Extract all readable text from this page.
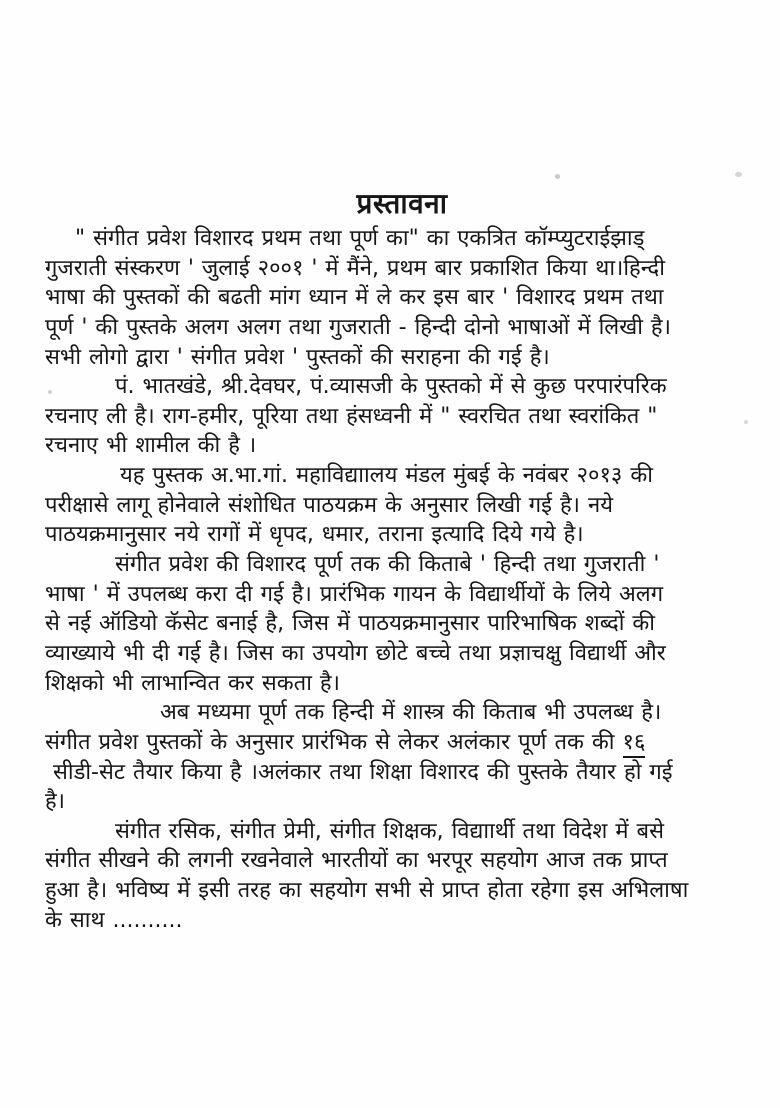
प्रस्तावना
" संगीत प्रवेश विशारद प्रथम तथा पूर्ण का" का एकत्रित कॉम्प्युटराईझाड्
गुजराती संस्करण ' जुलाई २००१ ' में मैंने, प्रथम बार प्रकाशित किया था।हिन्दी
भाषा की पुस्तकों की बढती मांग ध्यान में ले कर इस बार ' विशारद प्रथम तथा
पूर्ण ' की पुस्तके अलग अलग तथा गुजराती - हिन्दी दोनो भाषाओं में लिखी है।
सभी लोगो द्वारा ' संगीत प्रवेश ' पुस्तकों की सराहना की गई है।
पं. भातखंडे, श्री.देवघर, पं.व्यासजी के पुस्तको में से कुछ परपारंपरिक
रचनाए ली है। राग-हमीर, पूरिया तथा हंसध्वनी में " स्वरचित तथा स्वरांकित "
रचनाए भी शामील की है ।
यह पुस्तक अ.भा.गां. महाविद्याालय मंडल मुंबई के नवंबर २०१३ की
परीक्षासे लागू होनेवाले संशोधित पाठयक्रम के अनुसार लिखी गई है। नये
पाठयक्रमानुसार नये रागों में धृपद, धमार, तराना इत्यादि दिये गये है।
संगीत प्रवेश की विशारद पूर्ण तक की किताबे ' हिन्दी तथा गुजराती '
भाषा ' में उपलब्ध करा दी गई है। प्रारंभिक गायन के विद्यार्थीयों के लिये अलग
से नई ऑडियो कॅसेट बनाई है, जिस में पाठयक्रमानुसार पारिभाषिक शब्दों की
व्याख्याये भी दी गई है। जिस का उपयोग छोटे बच्चे तथा प्रज्ञाचक्षु विद्यार्थी और
शिक्षको भी लाभान्वित कर सकता है।
अब मध्यमा पूर्ण तक हिन्दी में शास्त्र की किताब भी उपलब्ध है।
संगीत प्रवेश पुस्तकों के अनुसार प्रारंभिक से लेकर अलंकार पूर्ण तक की १६
सीडी-सेट तैयार किया है ।अलंकार तथा शिक्षा विशारद की पुस्तके तैयार हो गई
है।
संगीत रसिक, संगीत प्रेमी, संगीत शिक्षक, विद्याार्थी तथा विदेश में बसे
संगीत सीखने की लगनी रखनेवाले भारतीयों का भरपूर सहयोग आज तक प्राप्त
हुआ है। भविष्य में इसी तरह का सहयोग सभी से प्राप्त होता रहेगा इस अभिलाषा
के साथ ..........
